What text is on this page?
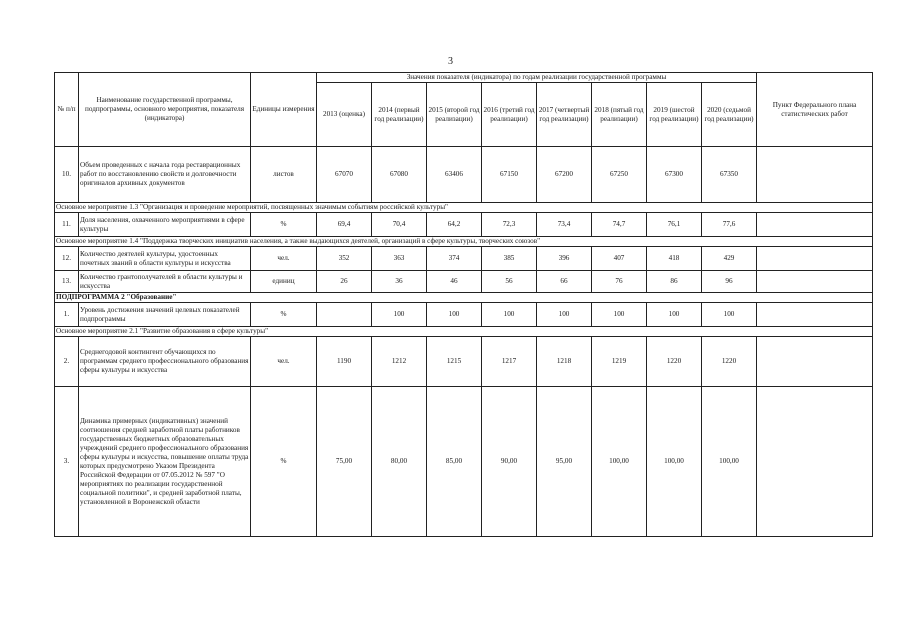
3
№ п/п	Наименование государственной программы, подпрограммы, основного мероприятия, показателя (индикатора)	Единицы измерения	Значения показателя (индикатора) по годам реализации государственной программы								Пункт Федерального плана статистических работ
			2013 (оценка)	2014 (первый год реализации)	2015 (второй год реализации)	2016 (третий год реализации)	2017 (четвертый год реализации)	2018 (пятый год реализации)	2019 (шестой год реализации)	2020 (седьмой год реализации)	
10.	Объем проведенных с начала года реставрационных работ по восстановлению свойств и долговечности оригиналов архивных документов	листов	67070	67080	63406	67150	67200	67250	67300	67350	
Основное мероприятие 1.3 "Организация и проведение мероприятий, посвященных значимым событиям российской культуры"											
11.	Доля населения, охваченного мероприятиями в сфере культуры	%	69,4	70,4	64,2	72,3	73,4	74,7	76,1	77,6	
Основное мероприятие 1.4 "Поддержка творческих инициатив населения, а также выдающихся деятелей, организаций в сфере культуры, творческих союзов"											
12.	Количество деятелей культуры, удостоенных почетных званий в области культуры и искусства	чел.	352	363	374	385	396	407	418	429	
13.	Количество грантополучателей в области культуры и искусства	единиц	26	36	46	56	66	76	86	96	
ПОДПРОГРАММА 2 "Образование"											
1.	Уровень достижения значений целевых показателей подпрограммы	%		100	100	100	100	100	100	100	
Основное мероприятие 2.1 "Развитие образования в сфере культуры"											
2.	Среднегодовой контингент обучающихся по программам среднего профессионального образования сферы культуры и искусства	чел.	1190	1212	1215	1217	1218	1219	1220	1220	
3.	Динамика примерных (индикативных) значений соотношения средней заработной платы работников государственных бюджетных образовательных учреждений среднего профессионального образования сферы культуры и искусства, повышение оплаты труда которых предусмотрено Указом Президента Российской Федерации от 07.05.2012 № 597 "О мероприятиях по реализации государственной социальной политики", и средней заработной платы, установленной в Воронежской области	%	75,00	80,00	85,00	90,00	95,00	100,00	100,00	100,00	
